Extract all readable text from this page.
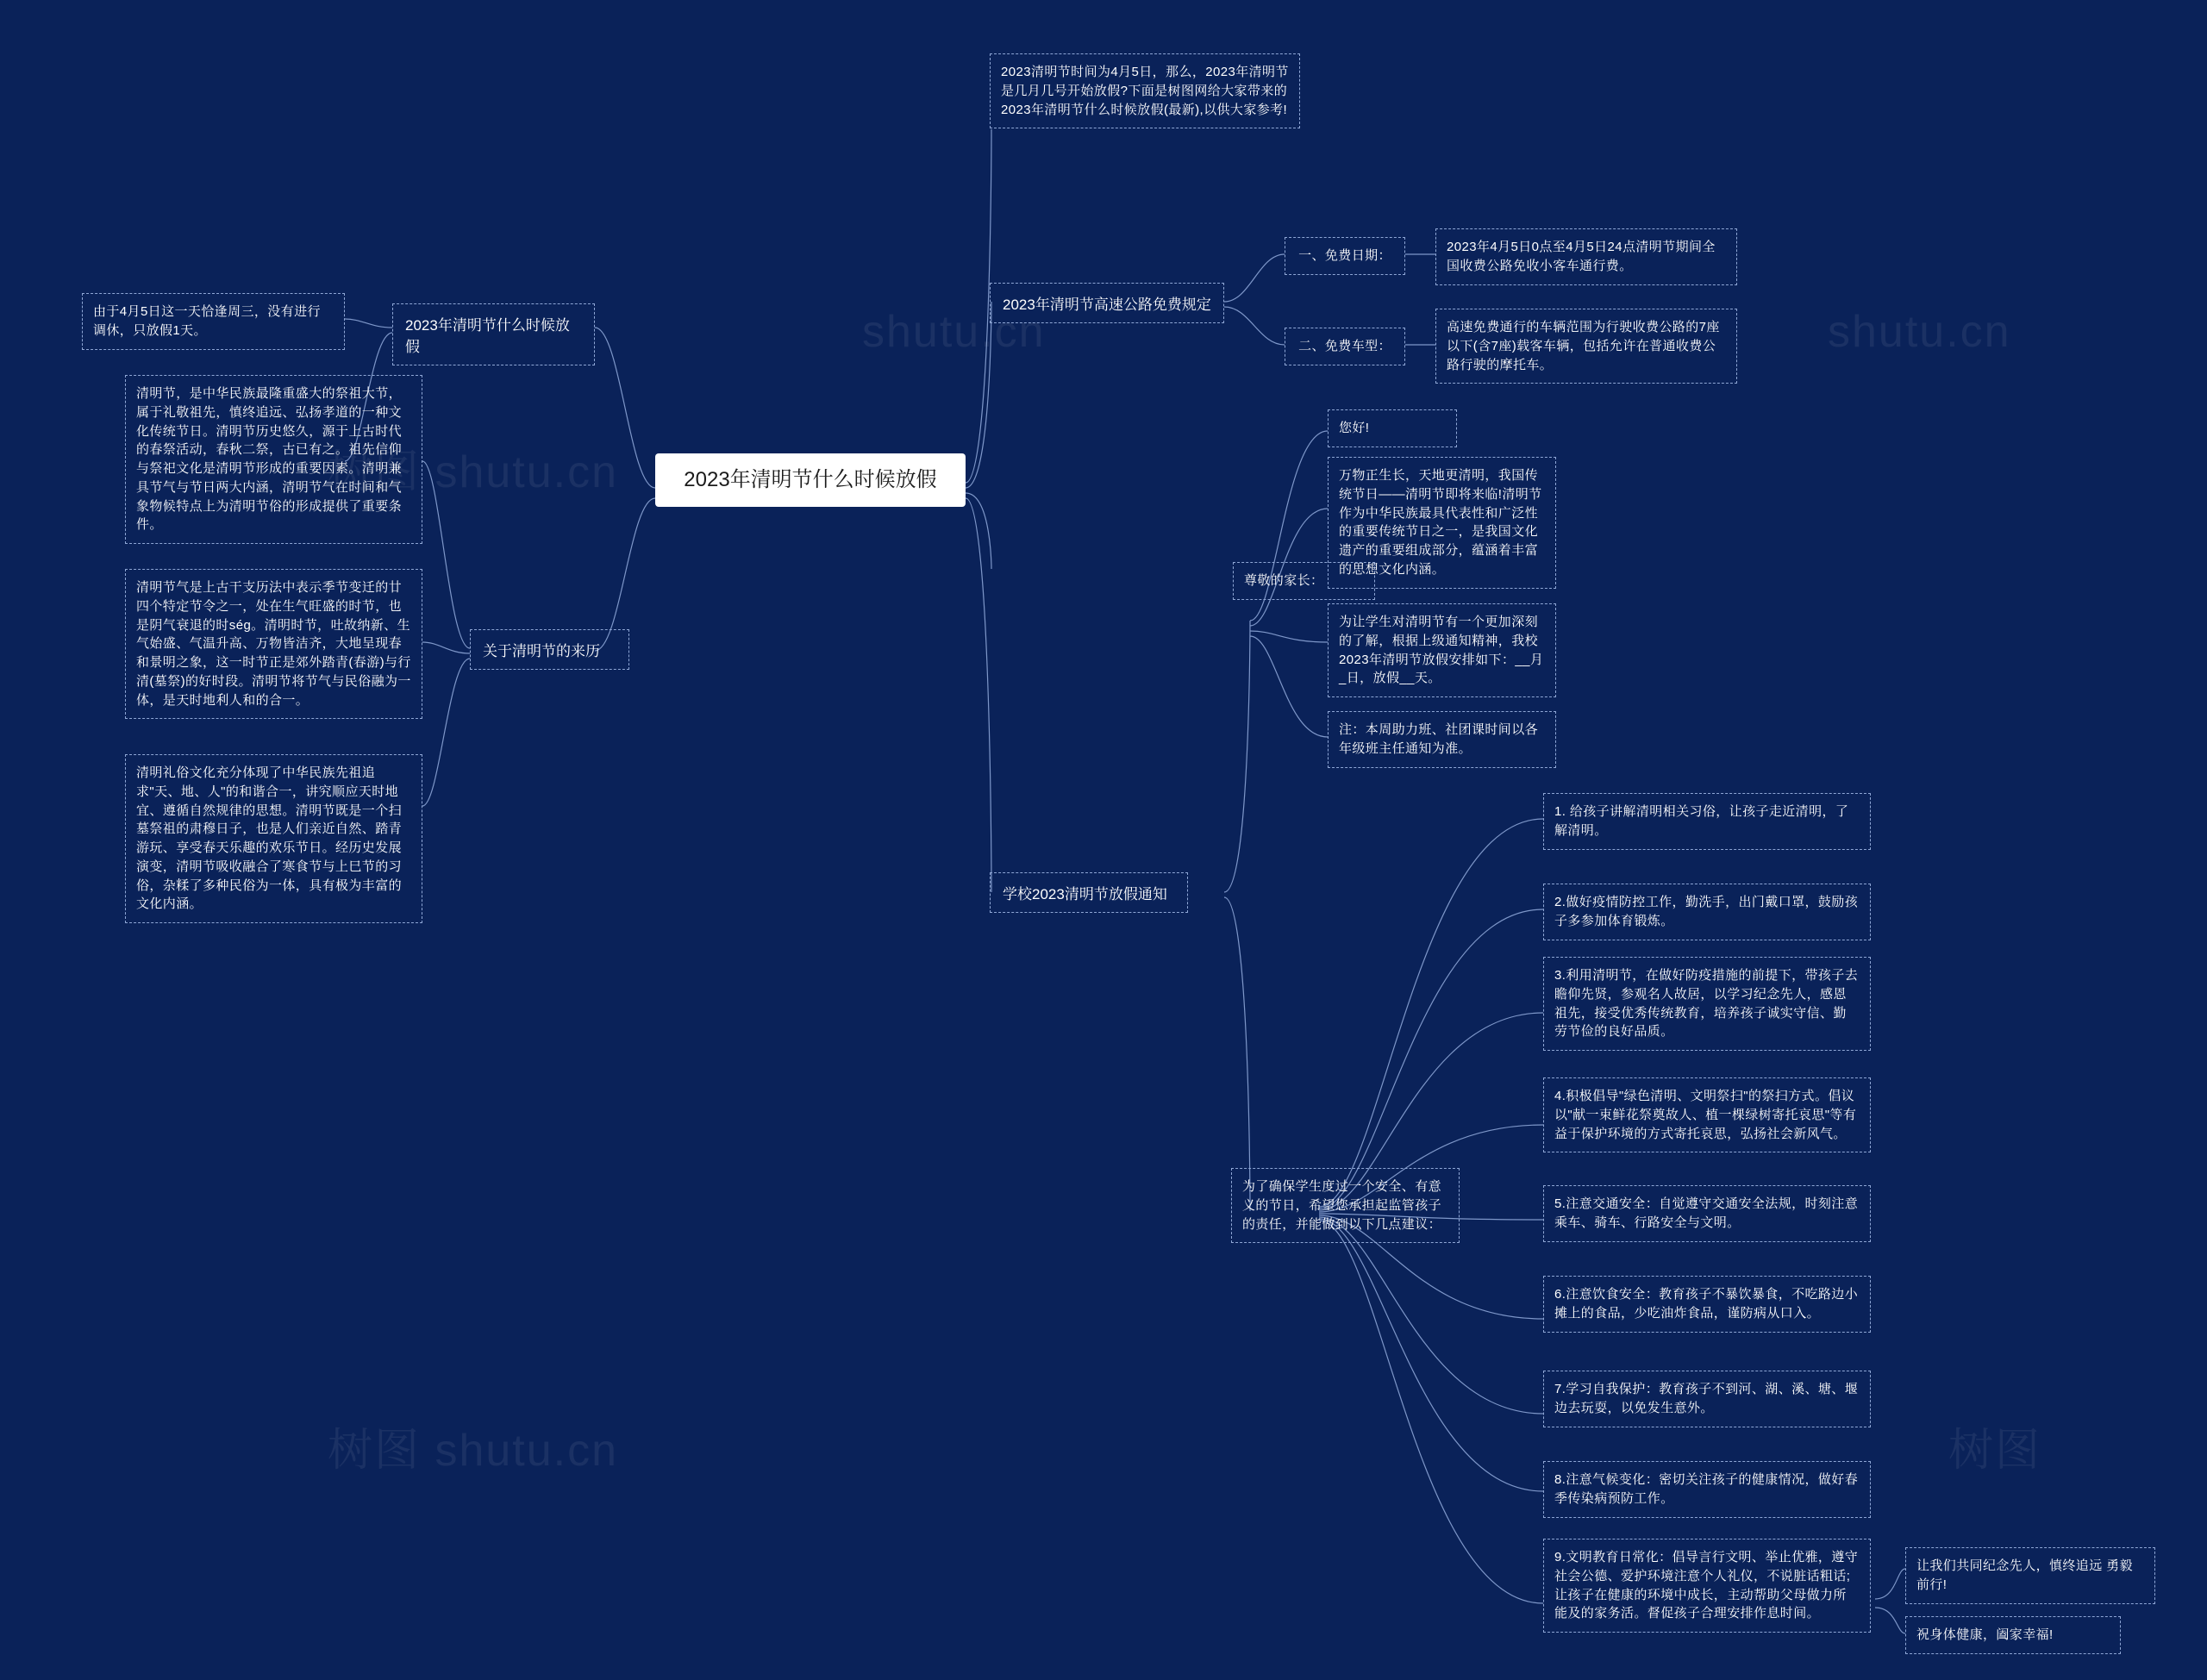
树图 shutu.cn
shutu.cn	shutu.cn
树图 shutu.cn	树图
2023年清明节什么时候放假
2023清明节时间为4月5日，那么，2023年清明节是几月几号开始放假?下面是树图网给大家带来的2023年清明节什么时候放假(最新),以供大家参考!
2023年清明节什么时候放假
由于4月5日这一天恰逢周三，没有进行调休，只放假1天。
关于清明节的来历
清明节，是中华民族最隆重盛大的祭祖大节，属于礼敬祖先，慎终追远、弘扬孝道的一种文化传统节日。清明节历史悠久，源于上古时代的春祭活动，春秋二祭，古已有之。祖先信仰与祭祀文化是清明节形成的重要因素。清明兼具节气与节日两大内涵，清明节气在时间和气象物候特点上为清明节俗的形成提供了重要条件。
清明节气是上古干支历法中表示季节变迁的廿四个特定节令之一，处在生气旺盛的时节，也是阴气衰退的时ség。清明时节，吐故纳新、生气始盛、气温升高、万物皆洁齐，大地呈现春和景明之象，这一时节正是郊外踏青(春游)与行清(墓祭)的好时段。清明节将节气与民俗融为一体，是天时地利人和的合一。
清明礼俗文化充分体现了中华民族先祖追求"天、地、人"的和谐合一，讲究顺应天时地宜、遵循自然规律的思想。清明节既是一个扫墓祭祖的肃穆日子，也是人们亲近自然、踏青游玩、享受春天乐趣的欢乐节日。经历史发展演变，清明节吸收融合了寒食节与上巳节的习俗，杂糅了多种民俗为一体，具有极为丰富的文化内涵。
2023年清明节高速公路免费规定
一、免费日期：
2023年4月5日0点至4月5日24点清明节期间全国收费公路免收小客车通行费。
二、免费车型：
高速免费通行的车辆范围为行驶收费公路的7座以下(含7座)载客车辆，包括允许在普通收费公路行驶的摩托车。
您好!
尊敬的家长：
万物正生长，天地更清明，我国传统节日——清明节即将来临!清明节作为中华民族最具代表性和广泛性的重要传统节日之一，是我国文化遗产的重要组成部分，蕴涵着丰富的思想文化内涵。
为让学生对清明节有一个更加深刻的了解，根据上级通知精神，我校2023年清明节放假安排如下：__月_日，放假__天。
注：本周助力班、社团课时间以各年级班主任通知为准。
学校2023清明节放假通知
为了确保学生度过一个安全、有意义的节日，希望您承担起监管孩子的责任，并能做到以下几点建议：
1. 给孩子讲解清明相关习俗，让孩子走近清明，了解清明。
2.做好疫情防控工作，勤洗手，出门戴口罩，鼓励孩子多参加体育锻炼。
3.利用清明节，在做好防疫措施的前提下，带孩子去瞻仰先贤，参观名人故居，以学习纪念先人，感恩祖先，接受优秀传统教育，培养孩子诚实守信、勤劳节俭的良好品质。
4.积极倡导"绿色清明、文明祭扫"的祭扫方式。倡议以"献一束鲜花祭奠故人、植一棵绿树寄托哀思"等有益于保护环境的方式寄托哀思，弘扬社会新风气。
5.注意交通安全：自觉遵守交通安全法规，时刻注意乘车、骑车、行路安全与文明。
6.注意饮食安全：教育孩子不暴饮暴食，不吃路边小摊上的食品，少吃油炸食品，谨防病从口入。
7.学习自我保护：教育孩子不到河、湖、溪、塘、堰边去玩耍，以免发生意外。
8.注意气候变化：密切关注孩子的健康情况，做好春季传染病预防工作。
9.文明教育日常化：倡导言行文明、举止优雅，遵守社会公德、爱护环境注意个人礼仪，不说脏话粗话;让孩子在健康的环境中成长，主动帮助父母做力所能及的家务活。督促孩子合理安排作息时间。
让我们共同纪念先人，慎终追远 勇毅前行!
祝身体健康，阖家幸福!
